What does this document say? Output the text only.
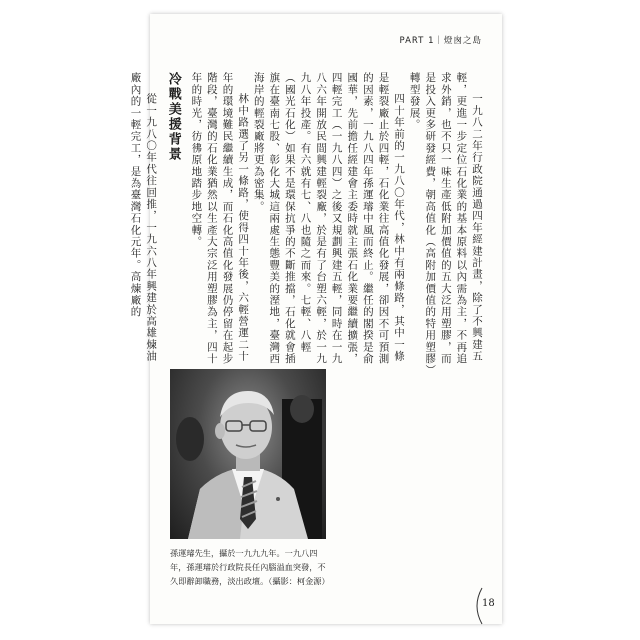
PART 1｜燈囪之島

一九八二年行政院通過四年經建計畫，除了不興建五輕，更進一步定位石化業的基本原料以內需為主，不再追求外銷，也不只一味生產低附加價值的五大泛用塑膠，而是投入更多研發經費，朝高值化（高附加價值的特用塑膠）轉型發展。

四十年前的一九八〇年代，林中有兩條路，其中一條是輕裂廠止於四輕，石化業往高值化發展，卻因不可預測的因素，一九八四年孫運璿中風而終止。繼任的閣揆是俞國華，先前擔任經建會主委時就主張石化業要繼續擴張，四輕完工（一九八四）之後又規劃興建五輕，同時在一九八六年開放民間興建輕裂廠，於是有了台塑六輕，於一九九八年投產。有六就有七、八也隨之而來。七輕、八輕（國光石化）如果不是環保抗爭的不斷推擋，石化就會插旗在臺南七股、彰化大城這兩處生態豐美的溼地，臺灣西海岸的輕裂廠將更為密集。

林中路選了另一條路，使得四十年後，六輕營運二十年的環境難民繼續生成，而石化高值化發展仍停留在起步階段，臺灣的石化業猶然以生產大宗泛用塑膠為主，四十年的時光，彷彿原地踏步地空轉。

冷戰美援背景

從一九八〇年代往回推，一九六八年興建於高雄煉油廠內的一輕完工，是為臺灣石化元年。高煉廠的

孫運璿先生，攝於一九九九年。一九八四年，孫運璿於行政院長任內腦溢血突發，不久即辭卸職務，淡出政壇。（攝影：柯金源）
18
